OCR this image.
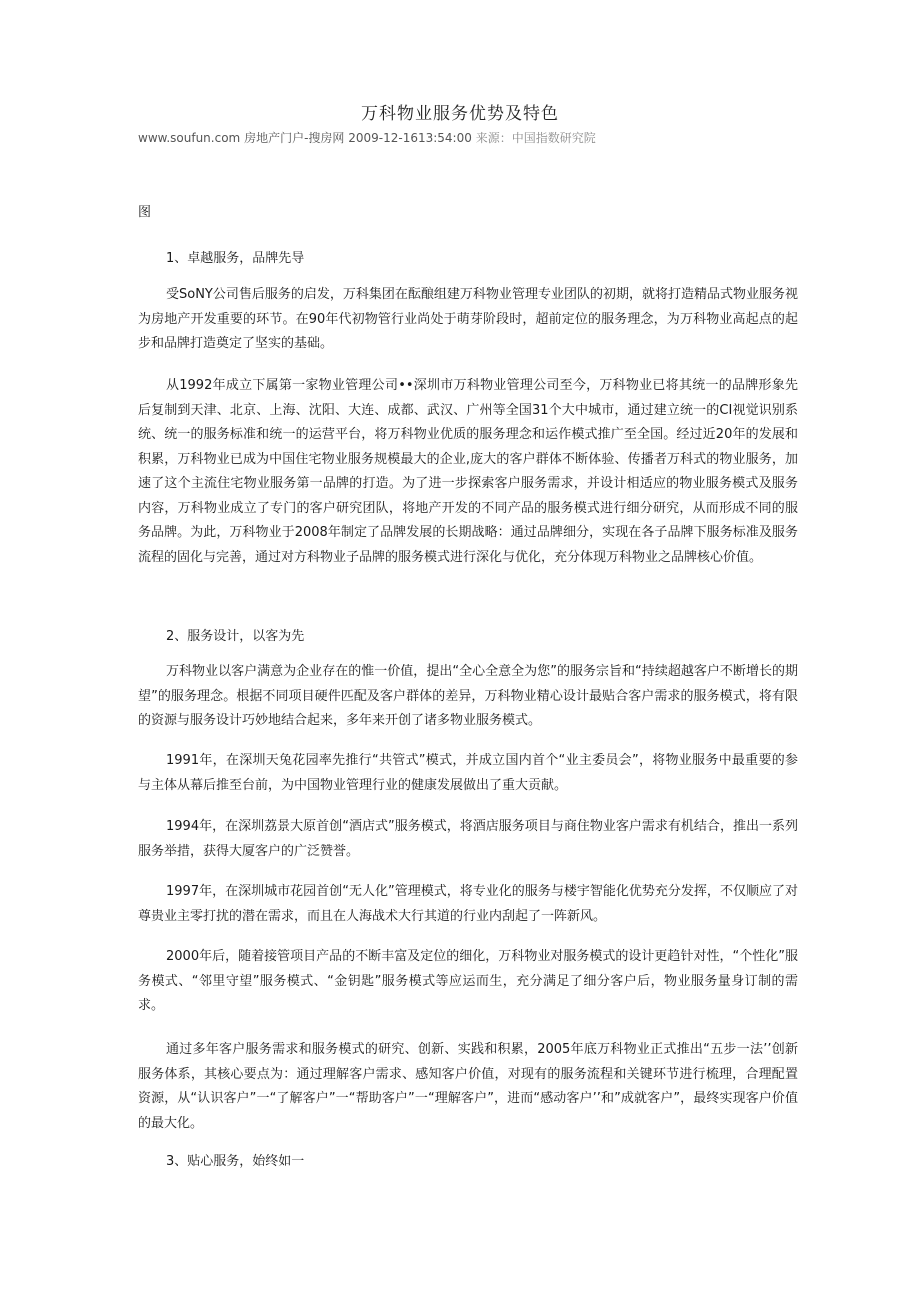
万科物业服务优势及特色
www.soufun.com 房地产门户-搜房网 2009-12-1613:54:00 来源：中国指数研究院
图
1、卓越服务，品牌先导
受SoNY公司售后服务的启发，万科集团在酝酿组建万科物业管理专业团队的初期，就将打造精品式物业服务视为房地产开发重要的环节。在90年代初物管行业尚处于萌芽阶段时，超前定位的服务理念，为万科物业高起点的起步和品牌打造奠定了坚实的基础。
从1992年成立下属第一家物业管理公司••深圳市万科物业管理公司至今，万科物业已将其统一的品牌形象先后复制到天津、北京、上海、沈阳、大连、成都、武汉、广州等全国31个大中城市，通过建立统一的CI视觉识别系统、统一的服务标准和统一的运营平台，将万科物业优质的服务理念和运作模式推广至全国。经过近20年的发展和积累，万科物业已成为中国住宅物业服务规模最大的企业,庞大的客户群体不断体验、传播者万科式的物业服务，加速了这个主流住宅物业服务第一品牌的打造。为了进一步探索客户服务需求，并设计相适应的物业服务模式及服务内容，万科物业成立了专门的客户研究团队，将地产开发的不同产品的服务模式进行细分研究，从而形成不同的服务品牌。为此，万科物业于2008年制定了品牌发展的长期战略：通过品牌细分，实现在各子品牌下服务标准及服务流程的固化与完善，通过对方科物业子品牌的服务模式进行深化与优化，充分体现万科物业之品牌核心价值。
2、服务设计，以客为先
万科物业以客户满意为企业存在的惟一价值，提出“全心全意全为您”的服务宗旨和“持续超越客户不断增长的期望”的服务理念。根据不同项目硬件匹配及客户群体的差异，万科物业精心设计最贴合客户需求的服务模式，将有限的资源与服务设计巧妙地结合起来，多年来开创了诸多物业服务模式。
1991年，在深圳天兔花园率先推行“共管式”模式，并成立国内首个“业主委员会”，将物业服务中最重要的参与主体从幕后推至台前，为中国物业管理行业的健康发展做出了重大贡献。
1994年，在深圳荔景大原首创“酒店式”服务模式，将酒店服务项目与商住物业客户需求有机结合，推出一系列服务举措，获得大厦客户的广泛赞誉。
1997年，在深圳城市花园首创“无人化”管理模式，将专业化的服务与楼宇智能化优势充分发挥，不仅顺应了对尊贵业主零打扰的潜在需求，而且在人海战术大行其道的行业内刮起了一阵新风。
2000年后，随着接管项目产品的不断丰富及定位的细化，万科物业对服务模式的设计更趋针对性，“个性化”服务模式、“邻里守望”服务模式、“金钥匙”服务模式等应运而生，充分满足了细分客户后，物业服务量身订制的需求。
通过多年客户服务需求和服务模式的研究、创新、实践和积累，2005年底万科物业正式推出“五步一法’’创新服务体系，其核心要点为：通过理解客户需求、感知客户价值，对现有的服务流程和关键环节进行梳理，合理配置资源，从“认识客户”一“了解客户”一“帮助客户”一“理解客户”，进而“感动客户’’和”成就客户”，最终实现客户价值的最大化。
3、贴心服务，始终如一
